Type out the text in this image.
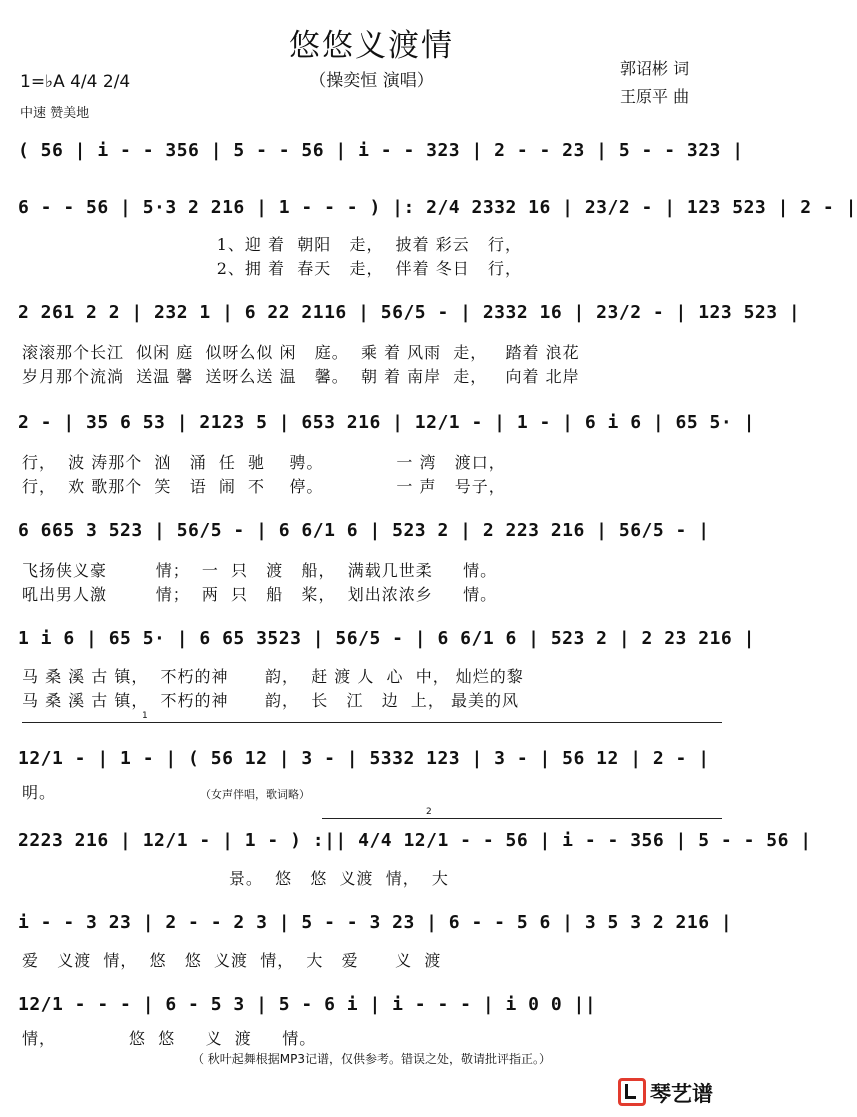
悠悠义渡情
（操奕恒 演唱）
郭诏彬 词
王原平 曲
1=♭A 4/4 2/4
中速 赞美地
( 56 | i - - 356 | 5 - - 56 | i - - 323 | 2 - - 23 | 5 - - 323 |
6 - - 56 | 5·3 2 216 | 1 - - - ) |: 2/4 2332 16 | 23/2 - | 123 523 | 2 - |
1、迎 着  朝阳   走，  披着 彩云   行，
2、拥 着  春天   走，  伴着 冬日   行，
2 261 2 2 | 232 1 | 6 22 2116 | 56/5 - | 2332 16 | 23/2 - | 123 523 |
滚滚那个长江  似闲 庭  似呀么似 闲   庭。  乘 着 风雨  走，   踏着 浪花
岁月那个流淌  送温 馨  送呀么送 温   馨。  朝 着 南岸  走，   向着 北岸
2 - | 35 6 53 | 2123 5 | 653 216 | 12/1 - | 1 - | 6 i 6 | 65 5· |
行，  波 涛那个  汹   涌  任  驰    骋。            一 湾   渡口，
行，  欢 歌那个  笑   语  闹  不    停。            一 声   号子，
6 665 3 523 | 56/5 - | 6 6/1 6 | 523 2 | 2 223 216 | 56/5 - |
飞扬侠义豪        情；  一  只   渡   船，  满载几世柔     情。
吼出男人激        情；  两  只   船   桨，  划出浓浓乡     情。
1 i 6 | 65 5· | 6 65 3523 | 56/5 - | 6 6/1 6 | 523 2 | 2 23 216 |
马 桑 溪 古 镇，  不朽的神      韵，  赶 渡 人  心  中， 灿烂的黎
马 桑 溪 古 镇，  不朽的神      韵，  长   江   边  上， 最美的风
1
12/1 - | 1 - | ( 56 12 | 3 - | 5332 123 | 3 - | 56 12 | 2 - |
明。	（女声伴唱，歌词略）
2
2223 216 | 12/1 - | 1 - ) :|| 4/4 12/1 - - 56 | i - - 356 | 5 - - 56 |
景。  悠   悠  义渡  情，  大
i - - 3 23 | 2 - - 2 3 | 5 - - 3 23 | 6 - - 5 6 | 3 5 3 2 216 |
爱   义渡  情，  悠   悠  义渡  情，  大   爱      义  渡
12/1 - - - | 6 - 5 3 | 5 - 6 i | i - - - | i 0 0 ||
情，            悠  悠     义  渡     情。
（ 秋叶起舞根据MP3记谱，仅供参考。错误之处，敬请批评指正。）
琴艺谱
